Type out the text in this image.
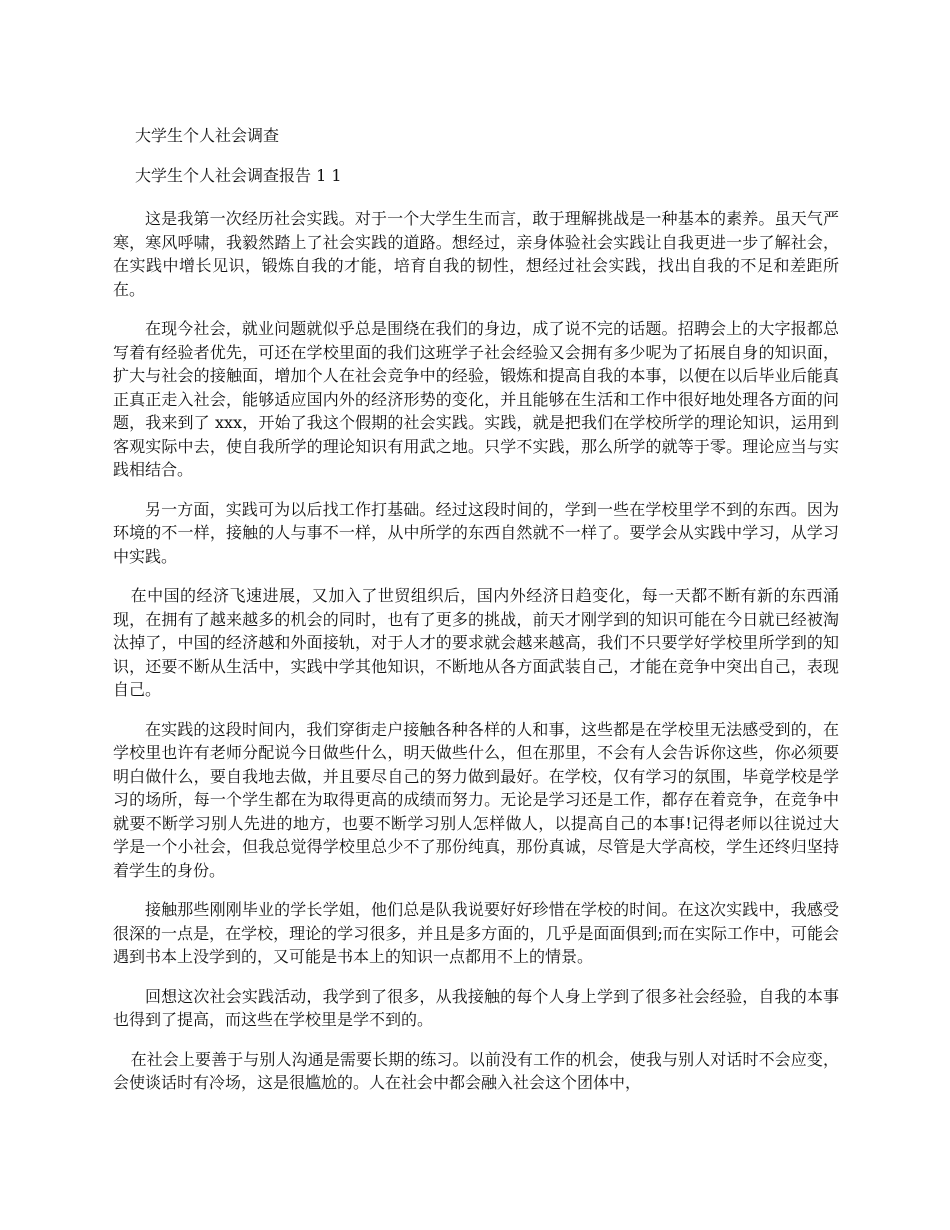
大学生个人社会调查

大学生个人社会调查报告 1 1

这是我第一次经历社会实践。对于一个大学生生而言，敢于理解挑战是一种基本的素养。虽天气严寒，寒风呼啸，我毅然踏上了社会实践的道路。想经过，亲身体验社会实践让自我更进一步了解社会，在实践中增长见识，锻炼自我的才能，培育自我的韧性，想经过社会实践，找出自我的不足和差距所在。

在现今社会，就业问题就似乎总是围绕在我们的身边，成了说不完的话题。招聘会上的大字报都总写着有经验者优先，可还在学校里面的我们这班学子社会经验又会拥有多少呢为了拓展自身的知识面，扩大与社会的接触面，增加个人在社会竞争中的经验，锻炼和提高自我的本事，以便在以后毕业后能真正真正走入社会，能够适应国内外的经济形势的变化，并且能够在生活和工作中很好地处理各方面的问题，我来到了 xxx，开始了我这个假期的社会实践。实践，就是把我们在学校所学的理论知识，运用到客观实际中去，使自我所学的理论知识有用武之地。只学不实践，那么所学的就等于零。理论应当与实践相结合。

另一方面，实践可为以后找工作打基础。经过这段时间的，学到一些在学校里学不到的东西。因为环境的不一样，接触的人与事不一样，从中所学的东西自然就不一样了。要学会从实践中学习，从学习中实践。

在中国的经济飞速进展，又加入了世贸组织后，国内外经济日趋变化，每一天都不断有新的东西涌现，在拥有了越来越多的机会的同时，也有了更多的挑战，前天才刚学到的知识可能在今日就已经被淘汰掉了，中国的经济越和外面接轨，对于人才的要求就会越来越高，我们不只要学好学校里所学到的知识，还要不断从生活中，实践中学其他知识，不断地从各方面武装自己，才能在竞争中突出自己，表现自己。

在实践的这段时间内，我们穿街走户接触各种各样的人和事，这些都是在学校里无法感受到的，在学校里也许有老师分配说今日做些什么，明天做些什么，但在那里，不会有人会告诉你这些，你必须要明白做什么，要自我地去做，并且要尽自己的努力做到最好。在学校，仅有学习的氛围，毕竟学校是学习的场所，每一个学生都在为取得更高的成绩而努力。无论是学习还是工作，都存在着竞争，在竞争中就要不断学习别人先进的地方，也要不断学习别人怎样做人，以提高自己的本事!记得老师以往说过大学是一个小社会，但我总觉得学校里总少不了那份纯真，那份真诚，尽管是大学高校，学生还终归坚持着学生的身份。

接触那些刚刚毕业的学长学姐，他们总是队我说要好好珍惜在学校的时间。在这次实践中，我感受很深的一点是，在学校，理论的学习很多，并且是多方面的，几乎是面面俱到;而在实际工作中，可能会遇到书本上没学到的，又可能是书本上的知识一点都用不上的情景。

回想这次社会实践活动，我学到了很多，从我接触的每个人身上学到了很多社会经验，自我的本事也得到了提高，而这些在学校里是学不到的。

在社会上要善于与别人沟通是需要长期的练习。以前没有工作的机会，使我与别人对话时不会应变，会使谈话时有冷场，这是很尴尬的。人在社会中都会融入社会这个团体中，
